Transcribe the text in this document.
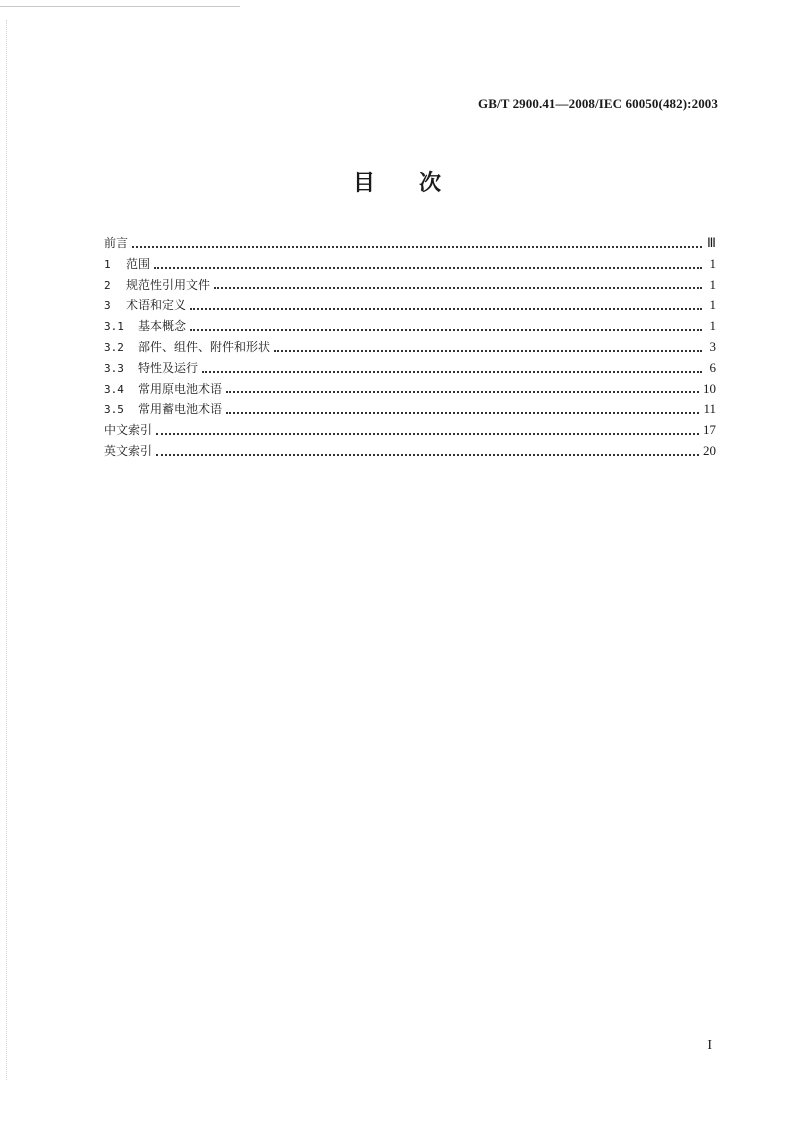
GB/T 2900.41—2008/IEC 60050(482):2003
目 次
前言	Ⅲ
1	范围	1
2	规范性引用文件	1
3	术语和定义	1
3.1	基本概念	1
3.2	部件、组件、附件和形状	3
3.3	特性及运行	6
3.4	常用原电池术语	10
3.5	常用蓄电池术语	11
中文索引	17
英文索引	20
I
